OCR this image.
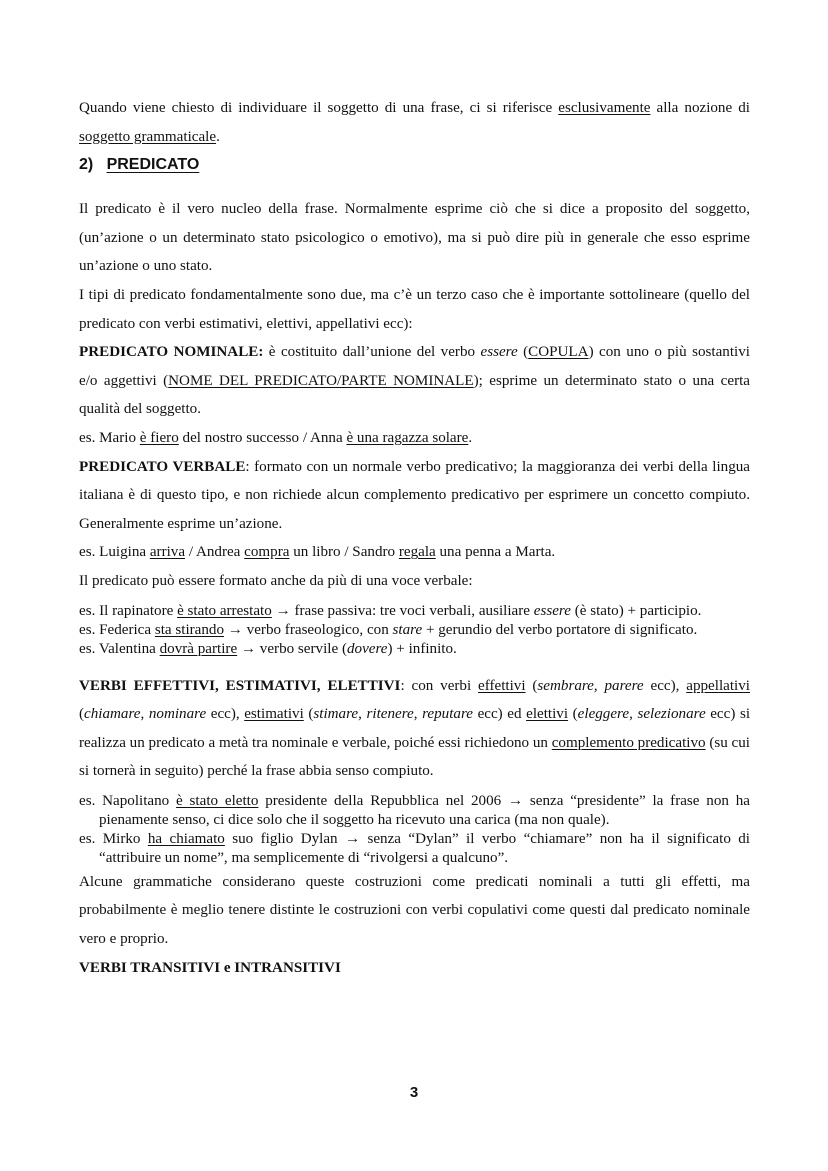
Quando viene chiesto di individuare il soggetto di una frase, ci si riferisce esclusivamente alla nozione di soggetto grammaticale.

2) PREDICATO

Il predicato è il vero nucleo della frase. Normalmente esprime ciò che si dice a proposito del soggetto, (un’azione o un determinato stato psicologico o emotivo), ma si può dire più in generale che esso esprime un’azione o uno stato.

I tipi di predicato fondamentalmente sono due, ma c’è un terzo caso che è importante sottolineare (quello del predicato con verbi estimativi, elettivi, appellativi ecc):

PREDICATO NOMINALE: è costituito dall’unione del verbo essere (COPULA) con uno o più sostantivi e/o aggettivi (NOME DEL PREDICATO/PARTE NOMINALE); esprime un determinato stato o una certa qualità del soggetto.

es. Mario è fiero del nostro successo / Anna è una ragazza solare.

PREDICATO VERBALE: formato con un normale verbo predicativo; la maggioranza dei verbi della lingua italiana è di questo tipo, e non richiede alcun complemento predicativo per esprimere un concetto compiuto. Generalmente esprime un’azione.

es. Luigina arriva / Andrea compra un libro / Sandro regala una penna a Marta.

Il predicato può essere formato anche da più di una voce verbale:

es. Il rapinatore è stato arrestato → frase passiva: tre voci verbali, ausiliare essere (è stato) + participio.

es. Federica sta stirando → verbo fraseologico, con stare + gerundio del verbo portatore di significato.

es. Valentina dovrà partire → verbo servile (dovere) + infinito.

VERBI EFFETTIVI, ESTIMATIVI, ELETTIVI: con verbi effettivi (sembrare, parere ecc), appellativi (chiamare, nominare ecc), estimativi (stimare, ritenere, reputare ecc) ed elettivi (eleggere, selezionare ecc) si realizza un predicato a metà tra nominale e verbale, poiché essi richiedono un complemento predicativo (su cui si tornerà in seguito) perché la frase abbia senso compiuto.

es. Napolitano è stato eletto presidente della Repubblica nel 2006 → senza “presidente” la frase non ha pienamente senso, ci dice solo che il soggetto ha ricevuto una carica (ma non quale).

es. Mirko ha chiamato suo figlio Dylan → senza “Dylan” il verbo “chiamare” non ha il significato di “attribuire un nome”, ma semplicemente di “rivolgersi a qualcuno”.

Alcune grammatiche considerano queste costruzioni come predicati nominali a tutti gli effetti, ma probabilmente è meglio tenere distinte le costruzioni con verbi copulativi come questi dal predicato nominale vero e proprio.

VERBI TRANSITIVI e INTRANSITIVI

3
